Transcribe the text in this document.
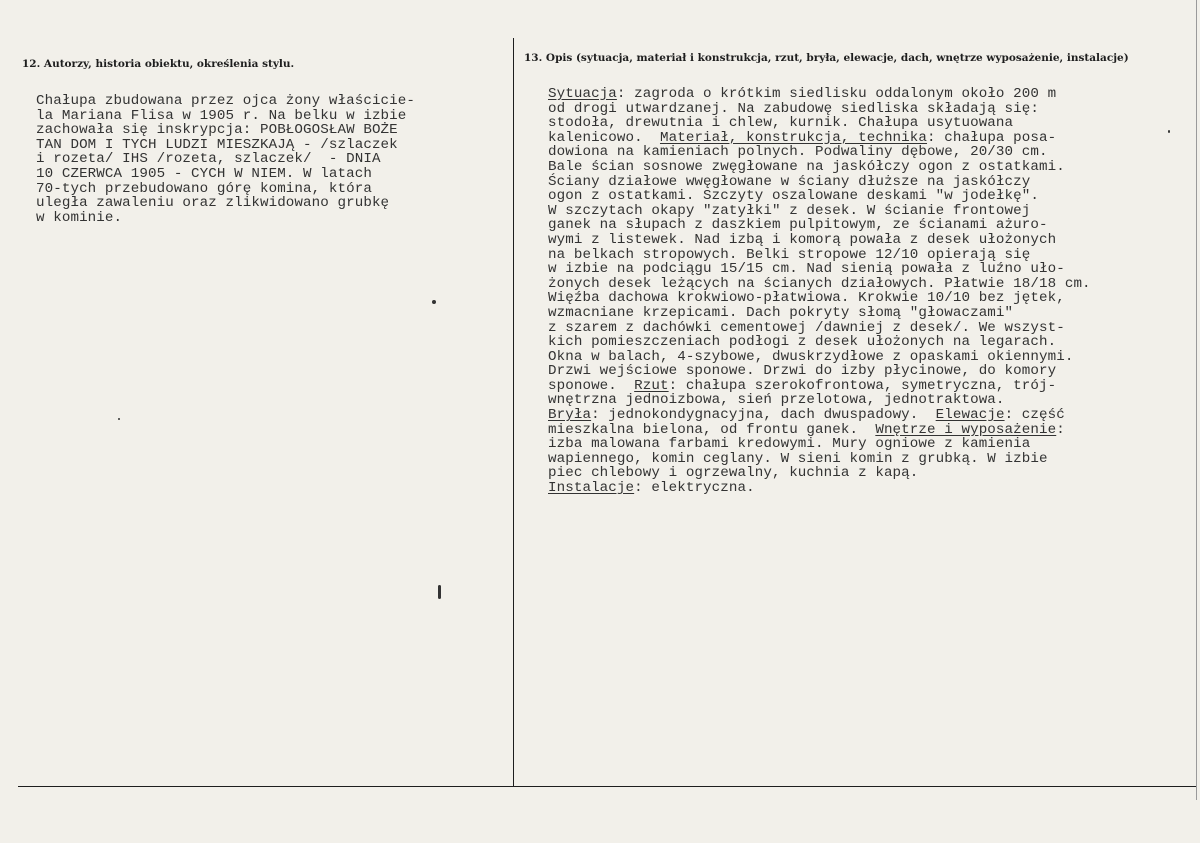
12. Autorzy, historia obiektu, określenia stylu.	13. Opis (sytuacja, materiał i konstrukcja, rzut, bryła, elewacje, dach, wnętrze wyposażenie, instalacje)
Chałupa zbudowana przez ojca żony właściciе-
la Mariana Flisa w 1905 r. Na belku w izbie
zachowała się inskrypcja: POBŁOGOSŁAW BOŻE
TAN DOM I TYCH LUDZI MIESZKAJĄ - /szlaczek
i rozeta/ IHS /rozeta, szlaczek/  - DNIA
10 CZERWCA 1905 - CYCH W NIEM. W latach
70-tych przebudowano górę komina, która
uległa zawaleniu oraz zlikwidowano grubkę
w kominie.
Sytuacja: zagroda o krótkim siedlisku oddalonym około 200 m
od drogi utwardzanej. Na zabudowę siedliska składają się:
stodoła, drewutnia i chlew, kurnik. Chałupa usytuowana
kalenicowo.  Materiał, konstrukcja, technika: chałupa posa-
dowiona na kamieniach polnych. Podwaliny dębowe, 20/30 cm.
Bale ścian sosnowe zwęgłowane na jaskółczy ogon z ostatkami.
Ściany działowe wwęgłowane w ściany dłuższe na jaskółczy
ogon z ostatkami. Szczyty oszalowane deskami "w jodełkę".
W szczytach okapy "zatyłki" z desek. W ścianie frontowej
ganek na słupach z daszkiem pulpitowym, ze ścianami ażuro-
wymi z listewek. Nad izbą i komorą powała z desek ułożonych
na belkach stropowych. Belki stropowe 12/10 opierają się
w izbie na podciągu 15/15 cm. Nad sienią powała z luźno uło-
żonych desek leżących na ścianych działowych. Płatwie 18/18 cm.
Więźba dachowa krokwiowo-płatwiowa. Krokwie 10/10 bez jętek,
wzmacniane krzepicami. Dach pokryty słomą "głowaczami"
z szarem z dachówki cementowej /dawniej z desek/. We wszyst-
kich pomieszczeniach podłogi z desek ułożonych na legarach.
Okna w balach, 4-szybowe, dwuskrzydłowe z opaskami okiennymi.
Drzwi wejściowe sponowe. Drzwi do izby płycinowe, do komory
sponowe.  Rzut: chałupa szerokofrontowa, symetryczna, trój-
wnętrzna jednoizbowa, sień przelotowa, jednotraktowa.
Bryła: jednokondygnacyjna, dach dwuspadowy.  Elewacje: część
mieszkalna bielona, od frontu ganek.  Wnętrze i wyposażenie:
izba malowana farbami kredowymi. Mury ogniowe z kamienia
wapiennego, komin ceglany. W sieni komin z grubką. W izbie
piec chlebowy i ogrzewalny, kuchnia z kapą.
Instalacje: elektryczna.
